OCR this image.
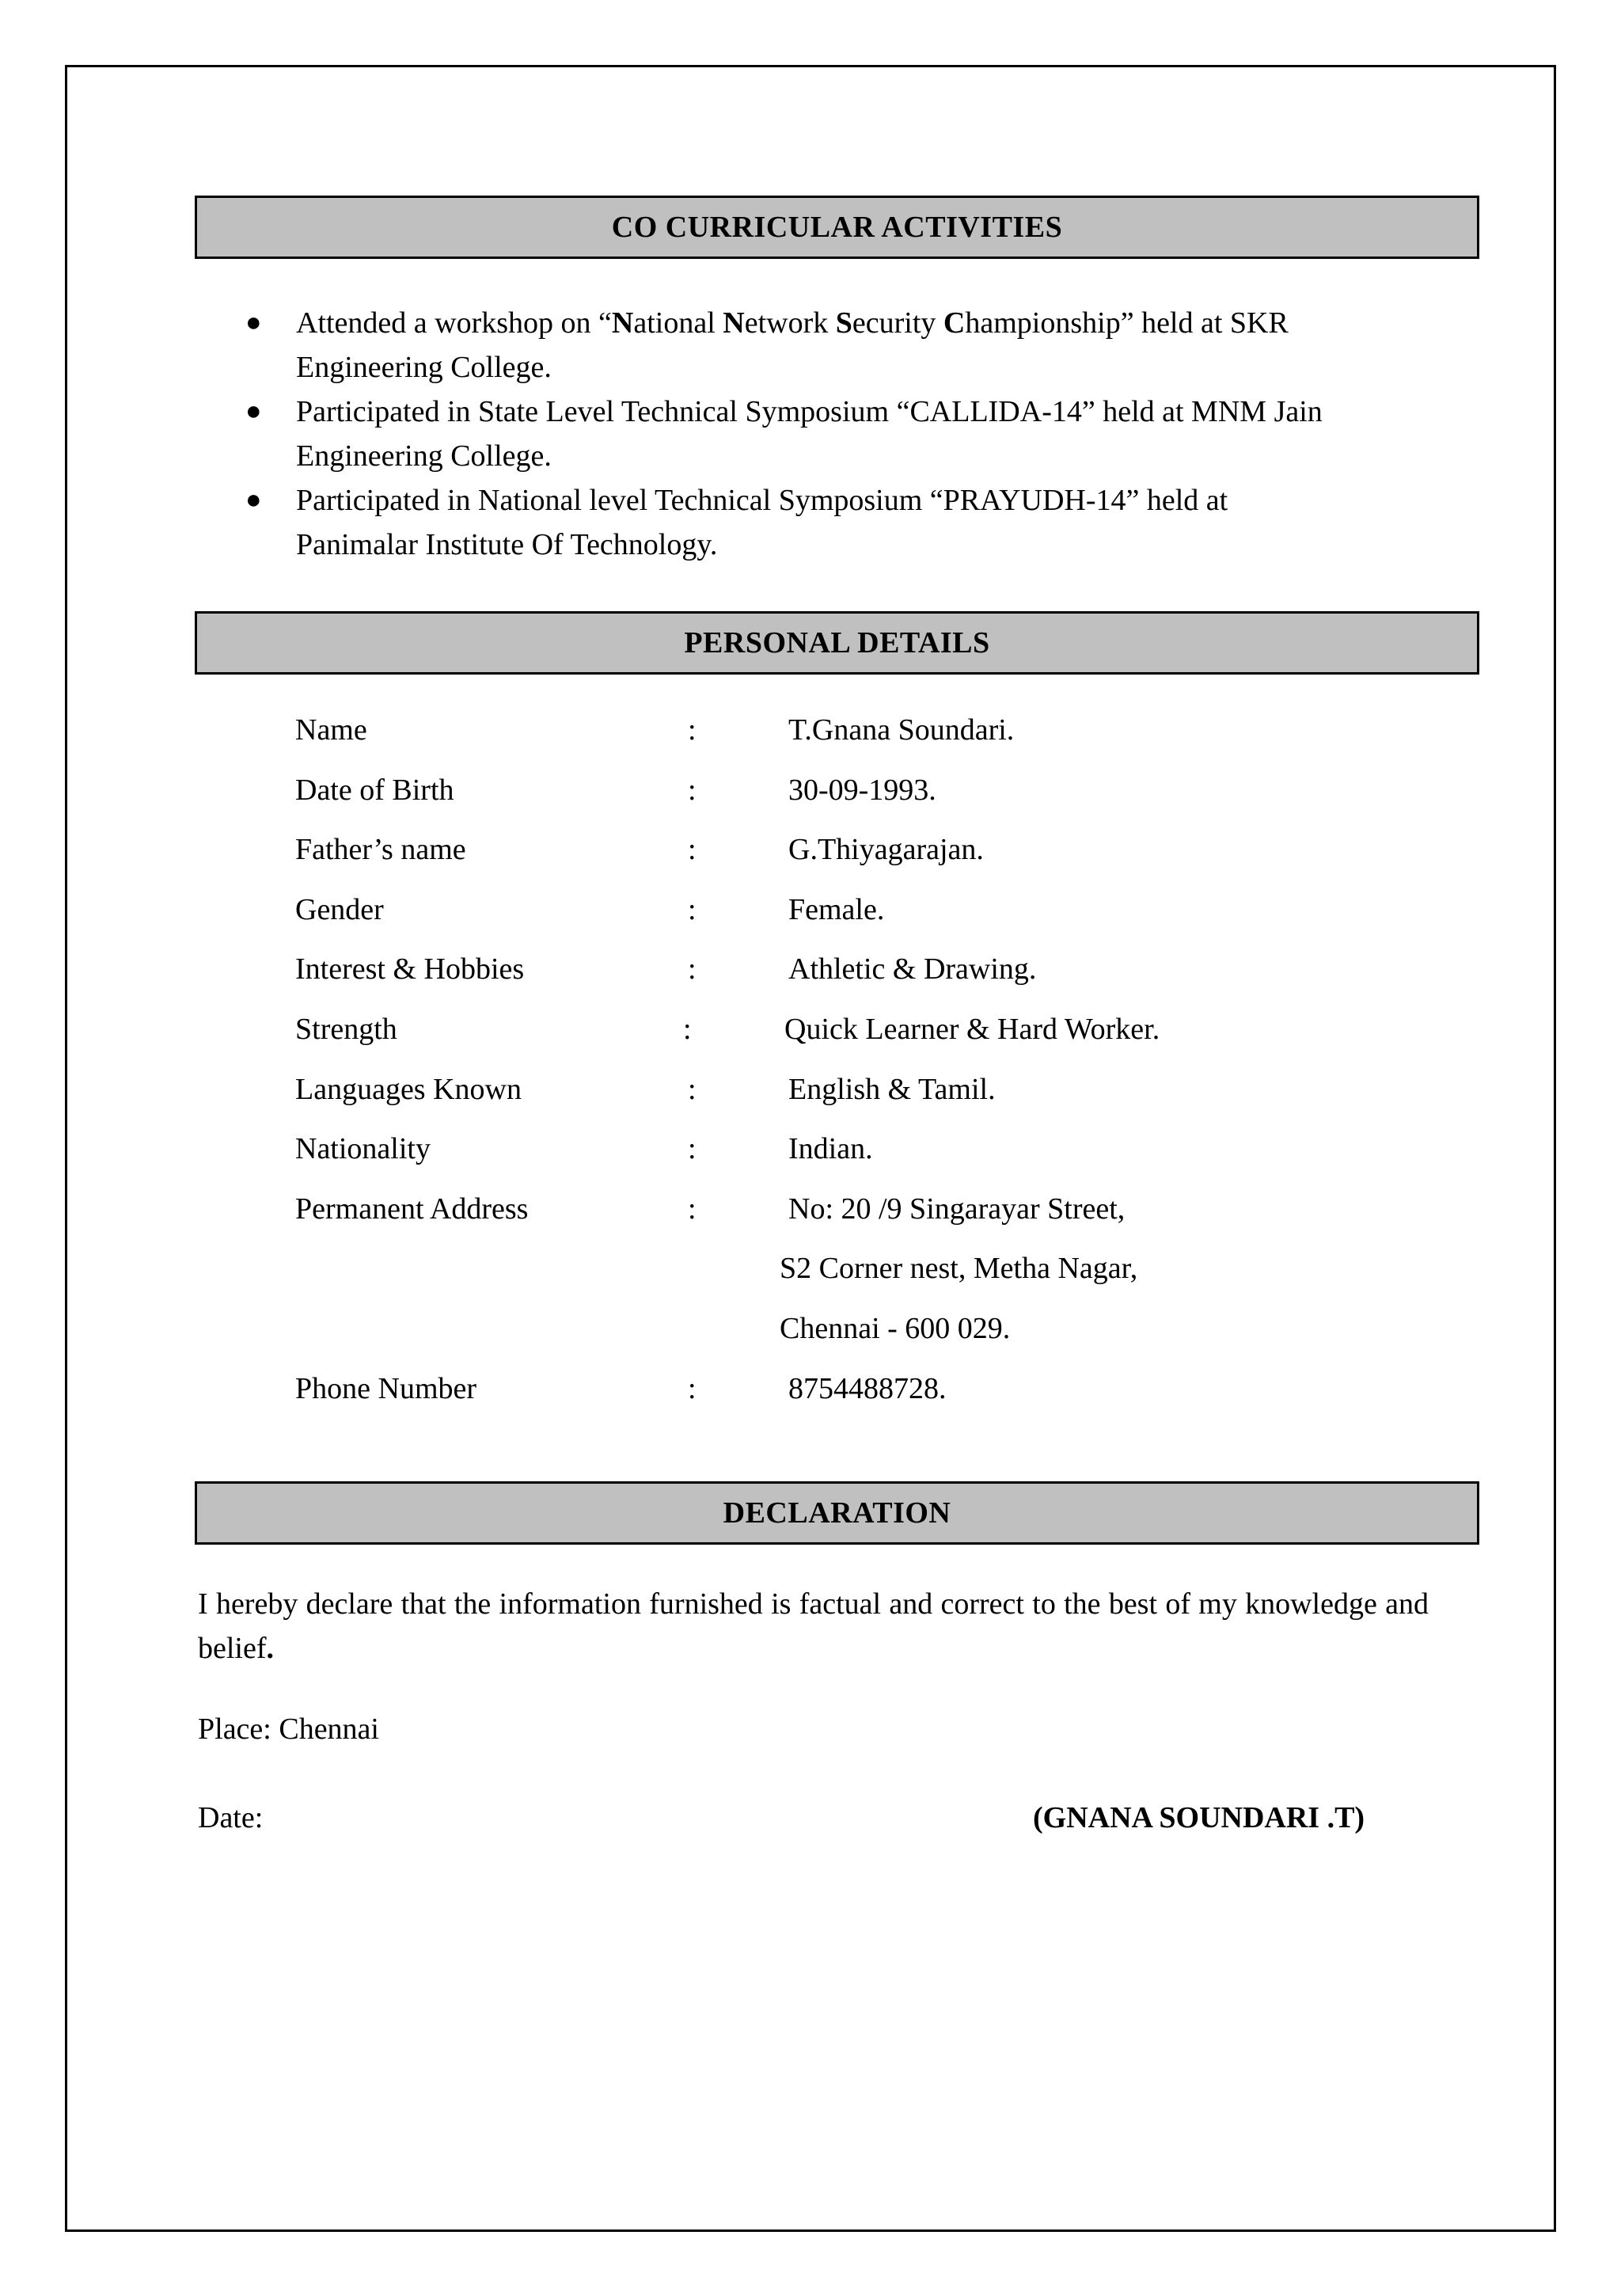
CO CURRICULAR ACTIVITIES
● Attended a workshop on “National Network Security Championship” held at SKR
Engineering College.
● Participated in State Level Technical Symposium “CALLIDA-14” held at MNM Jain
Engineering College.
● Participated in National level Technical Symposium “PRAYUDH-14” held at
Panimalar Institute Of Technology.
PERSONAL DETAILS
Name	:	T.Gnana Soundari.
Date of Birth	:	30-09-1993.
Father’s name	:	G.Thiyagarajan.
Gender	:	Female.
Interest & Hobbies	:	Athletic & Drawing.
Strength	:	Quick Learner & Hard Worker.
Languages Known	:	English & Tamil.
Nationality	:	Indian.
Permanent Address	:	No: 20 /9 Singarayar Street,
S2 Corner nest, Metha Nagar,
Chennai - 600 029.
Phone Number	:	8754488728.
DECLARATION
I hereby declare that the information furnished is factual and correct to the best of my knowledge and belief.
Place: Chennai
Date:	(GNANA SOUNDARI .T)
